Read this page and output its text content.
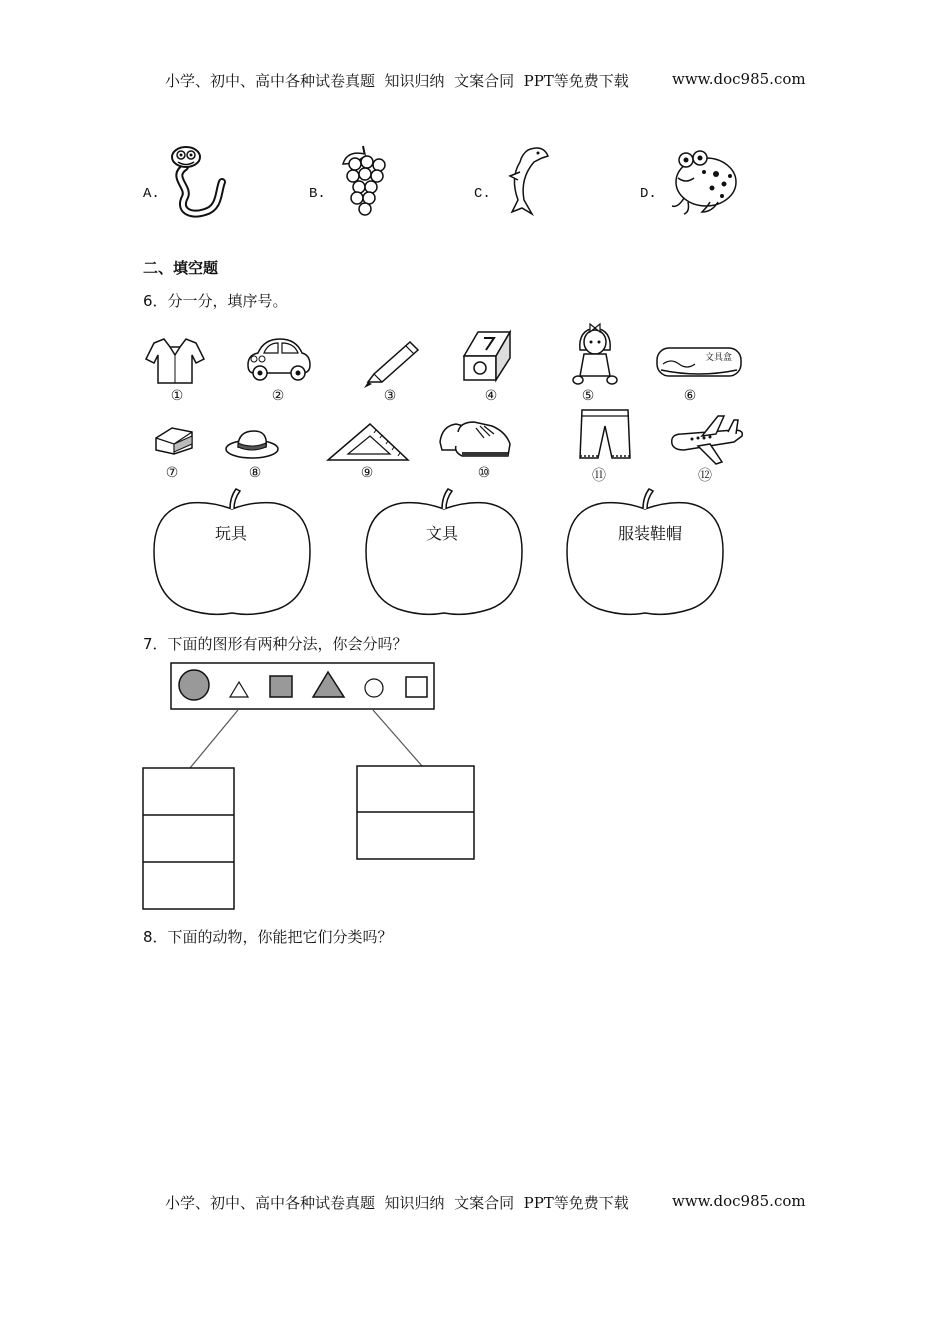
小学、初中、高中各种试卷真题  知识归纳  文案合同  PPT等免费下载	www.doc985.com
A.	B.	C.	D.
二、填空题
6．分一分，填序号。
文具盒
①	②	③	④	⑤	⑥
⑦	⑧	⑨	⑩	⑪	⑫
玩具	文具	服装鞋帽
7．下面的图形有两种分法，你会分吗？
8．下面的动物，你能把它们分类吗？
小学、初中、高中各种试卷真题  知识归纳  文案合同  PPT等免费下载	www.doc985.com
